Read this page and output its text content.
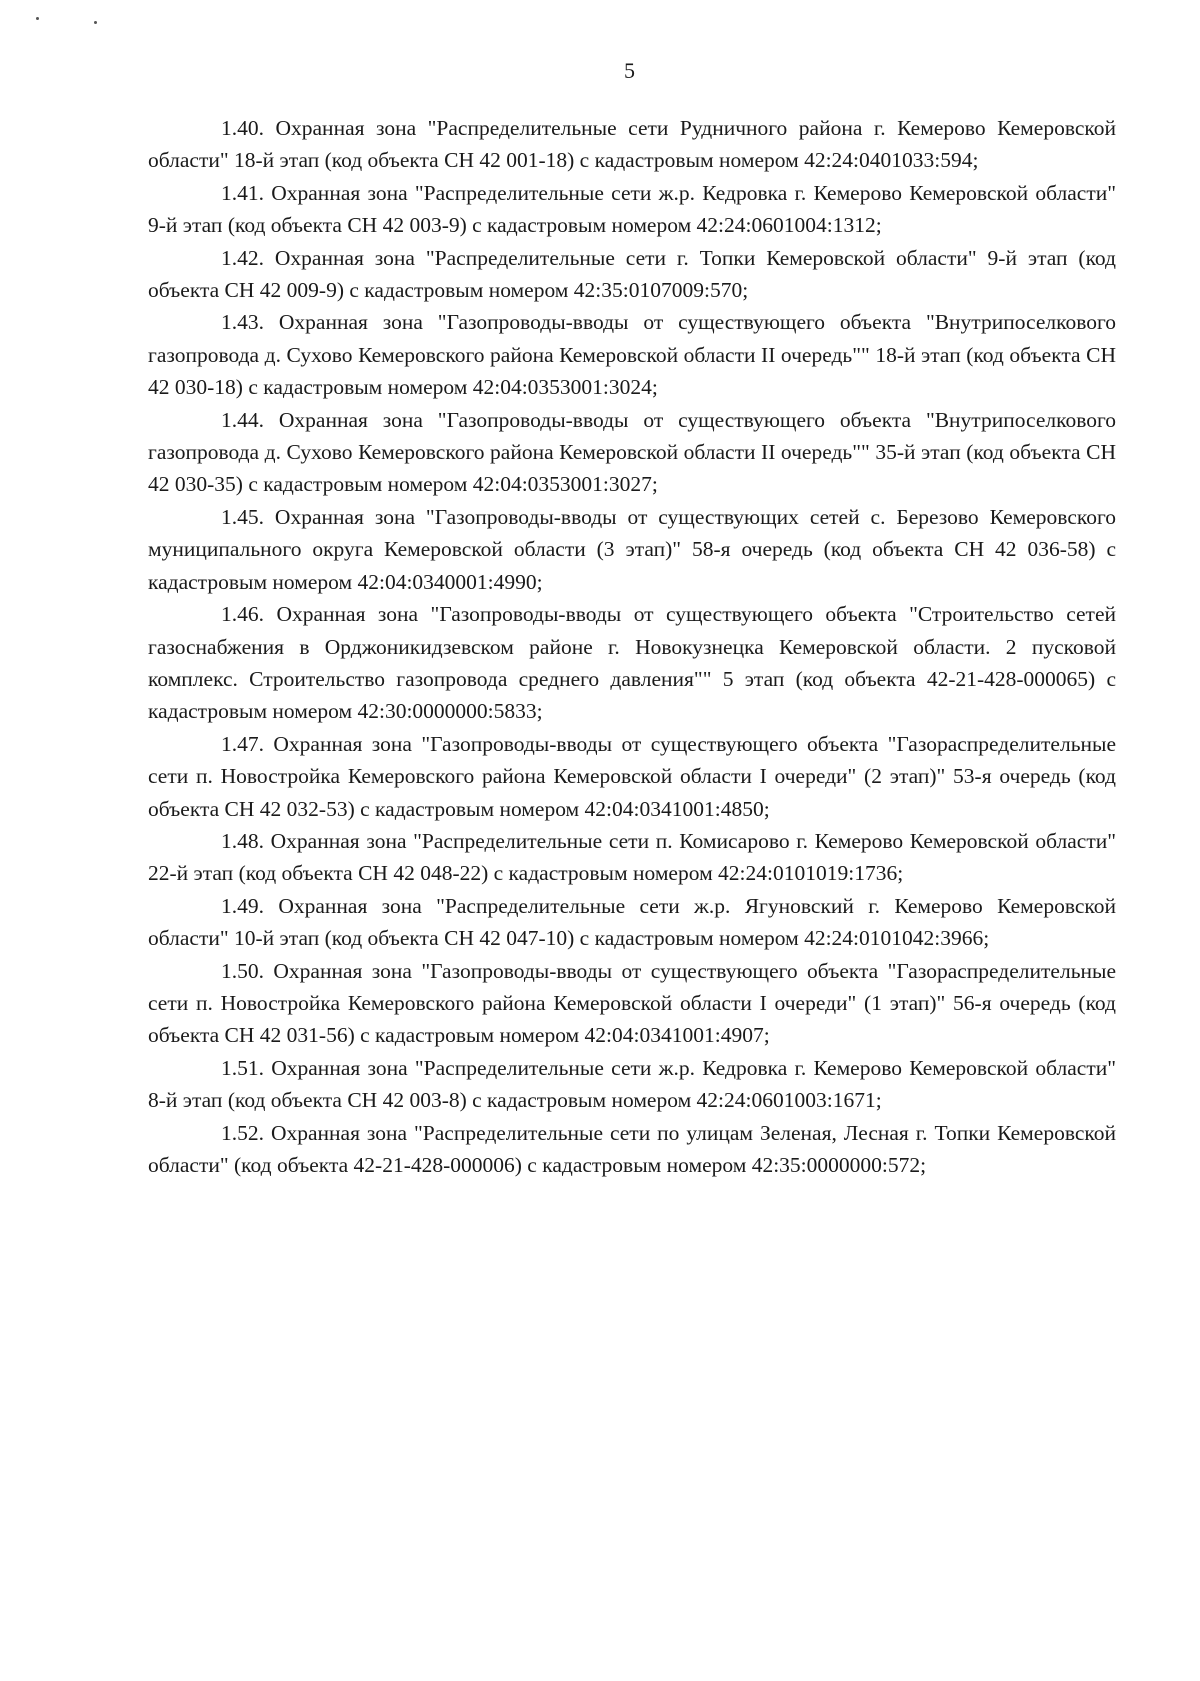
5

1.40. Охранная зона "Распределительные сети Рудничного района г. Кемерово Кемеровской области" 18-й этап (код объекта СН 42 001-18) с кадастровым номером 42:24:0401033:594;

1.41. Охранная зона "Распределительные сети ж.р. Кедровка г. Кемерово Кемеровской области" 9-й этап (код объекта СН 42 003-9) с кадастровым номером 42:24:0601004:1312;

1.42. Охранная зона "Распределительные сети г. Топки Кемеровской области" 9-й этап (код объекта СН 42 009-9) с кадастровым номером 42:35:0107009:570;

1.43. Охранная зона "Газопроводы-вводы от существующего объекта "Внутрипоселкового газопровода д. Сухово Кемеровского района Кемеровской области II очередь"" 18-й этап (код объекта СН 42 030-18) с кадастровым номером 42:04:0353001:3024;

1.44. Охранная зона "Газопроводы-вводы от существующего объекта "Внутрипоселкового газопровода д. Сухово Кемеровского района Кемеровской области II очередь"" 35-й этап (код объекта СН 42 030-35) с кадастровым номером 42:04:0353001:3027;

1.45. Охранная зона "Газопроводы-вводы от существующих сетей с. Березово Кемеровского муниципального округа Кемеровской области (3 этап)" 58-я очередь (код объекта СН 42 036-58) с кадастровым номером 42:04:0340001:4990;

1.46. Охранная зона "Газопроводы-вводы от существующего объекта "Строительство сетей газоснабжения в Орджоникидзевском районе г. Новокузнецка Кемеровской области. 2 пусковой комплекс. Строительство газопровода среднего давления"" 5 этап (код объекта 42-21-428-000065) с кадастровым номером 42:30:0000000:5833;

1.47. Охранная зона "Газопроводы-вводы от существующего объекта "Газораспределительные сети п. Новостройка Кемеровского района Кемеровской области I очереди" (2 этап)" 53-я очередь (код объекта СН 42 032-53) с кадастровым номером 42:04:0341001:4850;

1.48. Охранная зона "Распределительные сети п. Комисарово г. Кемерово Кемеровской области" 22-й этап (код объекта СН 42 048-22) с кадастровым номером 42:24:0101019:1736;

1.49. Охранная зона "Распределительные сети ж.р. Ягуновский г. Кемерово Кемеровской области" 10-й этап (код объекта СН 42 047-10) с кадастровым номером 42:24:0101042:3966;

1.50. Охранная зона "Газопроводы-вводы от существующего объекта "Газораспределительные сети п. Новостройка Кемеровского района Кемеровской области I очереди" (1 этап)" 56-я очередь (код объекта СН 42 031-56) с кадастровым номером 42:04:0341001:4907;

1.51. Охранная зона "Распределительные сети ж.р. Кедровка г. Кемерово Кемеровской области" 8-й этап (код объекта СН 42 003-8) с кадастровым номером 42:24:0601003:1671;

1.52. Охранная зона "Распределительные сети по улицам Зеленая, Лесная г. Топки Кемеровской области" (код объекта 42-21-428-000006) с кадастровым номером 42:35:0000000:572;
